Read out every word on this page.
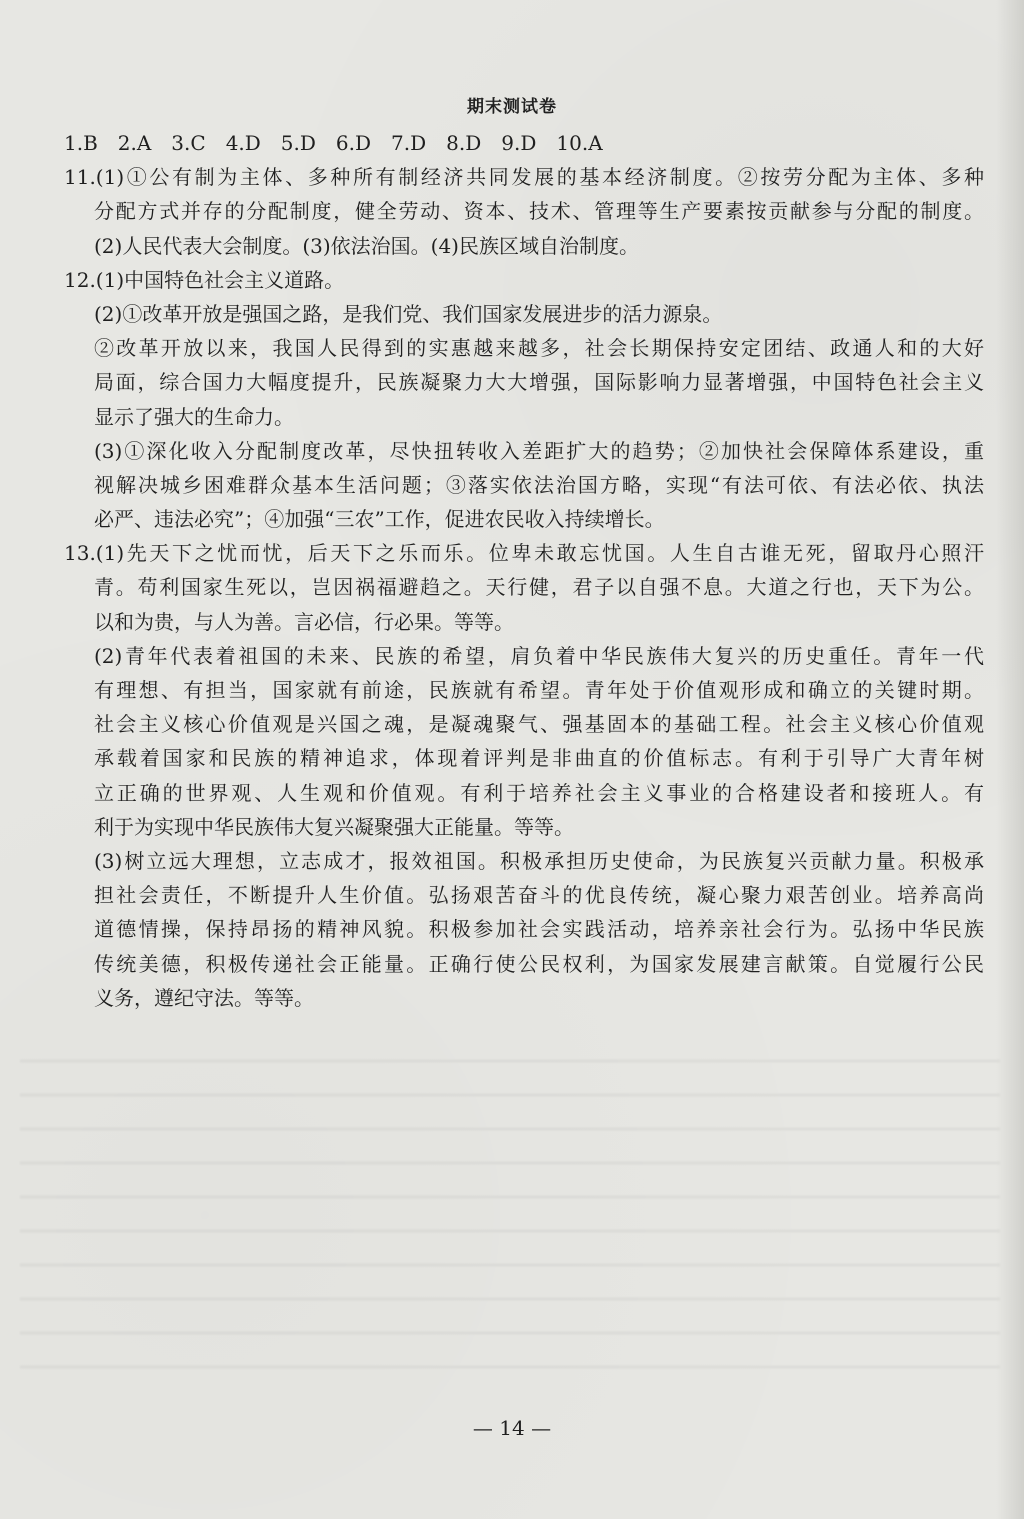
期末测试卷
1.B　2.A　3.C　4.D　5.D　6.D　7.D　8.D　9.D　10.A
11.(1)①公有制为主体、多种所有制经济共同发展的基本经济制度。②按劳分配为主体、多种
分配方式并存的分配制度，健全劳动、资本、技术、管理等生产要素按贡献参与分配的制度。
(2)人民代表大会制度。(3)依法治国。(4)民族区域自治制度。
12.(1)中国特色社会主义道路。
(2)①改革开放是强国之路，是我们党、我们国家发展进步的活力源泉。
②改革开放以来，我国人民得到的实惠越来越多，社会长期保持安定团结、政通人和的大好
局面，综合国力大幅度提升，民族凝聚力大大增强，国际影响力显著增强，中国特色社会主义
显示了强大的生命力。
(3)①深化收入分配制度改革，尽快扭转收入差距扩大的趋势；②加快社会保障体系建设，重
视解决城乡困难群众基本生活问题；③落实依法治国方略，实现“有法可依、有法必依、执法
必严、违法必究”；④加强“三农”工作，促进农民收入持续增长。
13.(1)先天下之忧而忧，后天下之乐而乐。位卑未敢忘忧国。人生自古谁无死，留取丹心照汗
青。苟利国家生死以，岂因祸福避趋之。天行健，君子以自强不息。大道之行也，天下为公。
以和为贵，与人为善。言必信，行必果。等等。
(2)青年代表着祖国的未来、民族的希望，肩负着中华民族伟大复兴的历史重任。青年一代
有理想、有担当，国家就有前途，民族就有希望。青年处于价值观形成和确立的关键时期。
社会主义核心价值观是兴国之魂，是凝魂聚气、强基固本的基础工程。社会主义核心价值观
承载着国家和民族的精神追求，体现着评判是非曲直的价值标志。有利于引导广大青年树
立正确的世界观、人生观和价值观。有利于培养社会主义事业的合格建设者和接班人。有
利于为实现中华民族伟大复兴凝聚强大正能量。等等。
(3)树立远大理想，立志成才，报效祖国。积极承担历史使命，为民族复兴贡献力量。积极承
担社会责任，不断提升人生价值。弘扬艰苦奋斗的优良传统，凝心聚力艰苦创业。培养高尚
道德情操，保持昂扬的精神风貌。积极参加社会实践活动，培养亲社会行为。弘扬中华民族
传统美德，积极传递社会正能量。正确行使公民权利，为国家发展建言献策。自觉履行公民
义务，遵纪守法。等等。
— 14 —
